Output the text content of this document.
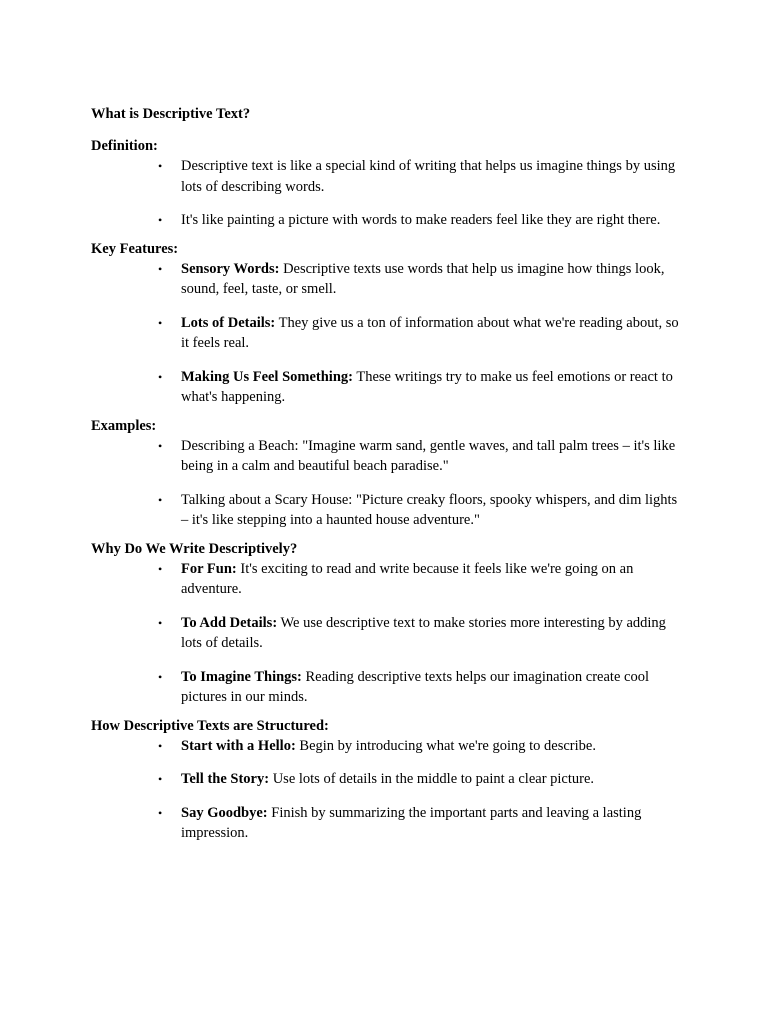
What is Descriptive Text?
Definition:
• Descriptive text is like a special kind of writing that helps us imagine things by using lots of describing words.
• It's like painting a picture with words to make readers feel like they are right there.
Key Features:
• Sensory Words: Descriptive texts use words that help us imagine how things look, sound, feel, taste, or smell.
• Lots of Details: They give us a ton of information about what we're reading about, so it feels real.
• Making Us Feel Something: These writings try to make us feel emotions or react to what's happening.
Examples:
• Describing a Beach: "Imagine warm sand, gentle waves, and tall palm trees – it's like being in a calm and beautiful beach paradise."
• Talking about a Scary House: "Picture creaky floors, spooky whispers, and dim lights – it's like stepping into a haunted house adventure."
Why Do We Write Descriptively?
• For Fun: It's exciting to read and write because it feels like we're going on an adventure.
• To Add Details: We use descriptive text to make stories more interesting by adding lots of details.
• To Imagine Things: Reading descriptive texts helps our imagination create cool pictures in our minds.
How Descriptive Texts are Structured:
• Start with a Hello: Begin by introducing what we're going to describe.
• Tell the Story: Use lots of details in the middle to paint a clear picture.
• Say Goodbye: Finish by summarizing the important parts and leaving a lasting impression.
